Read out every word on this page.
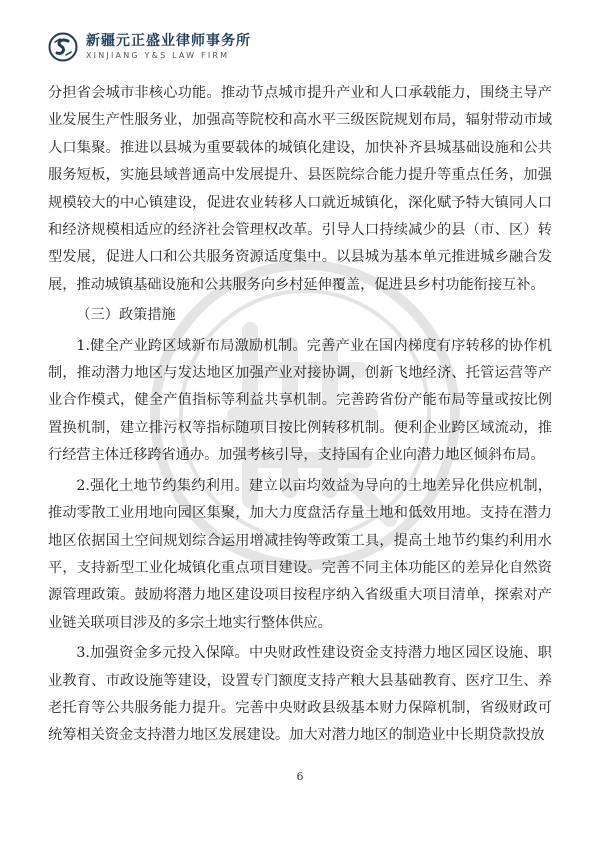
新疆元正盛业律师事务所
XINJIANG Y&S LAW FIRM

分担省会城市非核心功能。推动节点城市提升产业和人口承载能力，围绕主导产业发展生产性服务业，加强高等院校和高水平三级医院规划布局，辐射带动市域人口集聚。推进以县城为重要载体的城镇化建设，加快补齐县城基础设施和公共服务短板，实施县域普通高中发展提升、县医院综合能力提升等重点任务，加强规模较大的中心镇建设，促进农业转移人口就近城镇化，深化赋予特大镇同人口和经济规模相适应的经济社会管理权改革。引导人口持续减少的县（市、区）转型发展，促进人口和公共服务资源适度集中。以县城为基本单元推进城乡融合发展，推动城镇基础设施和公共服务向乡村延伸覆盖，促进县乡村功能衔接互补。

（三）政策措施

1.健全产业跨区域新布局激励机制。完善产业在国内梯度有序转移的协作机制，推动潜力地区与发达地区加强产业对接协调，创新飞地经济、托管运营等产业合作模式，健全产值指标等利益共享机制。完善跨省份产能布局等量或按比例置换机制，建立排污权等指标随项目按比例转移机制。便利企业跨区域流动，推行经营主体迁移跨省通办。加强考核引导，支持国有企业向潜力地区倾斜布局。

2.强化土地节约集约利用。建立以亩均效益为导向的土地差异化供应机制，推动零散工业用地向园区集聚，加大力度盘活存量土地和低效用地。支持在潜力地区依据国土空间规划综合运用增减挂钩等政策工具，提高土地节约集约利用水平，支持新型工业化城镇化重点项目建设。完善不同主体功能区的差异化自然资源管理政策。鼓励将潜力地区建设项目按程序纳入省级重大项目清单，探索对产业链关联项目涉及的多宗土地实行整体供应。

3.加强资金多元投入保障。中央财政性建设资金支持潜力地区园区设施、职业教育、市政设施等建设，设置专门额度支持产粮大县基础教育、医疗卫生、养老托育等公共服务能力提升。完善中央财政县级基本财力保障机制，省级财政可统筹相关资金支持潜力地区发展建设。加大对潜力地区的制造业中长期贷款投放

6
